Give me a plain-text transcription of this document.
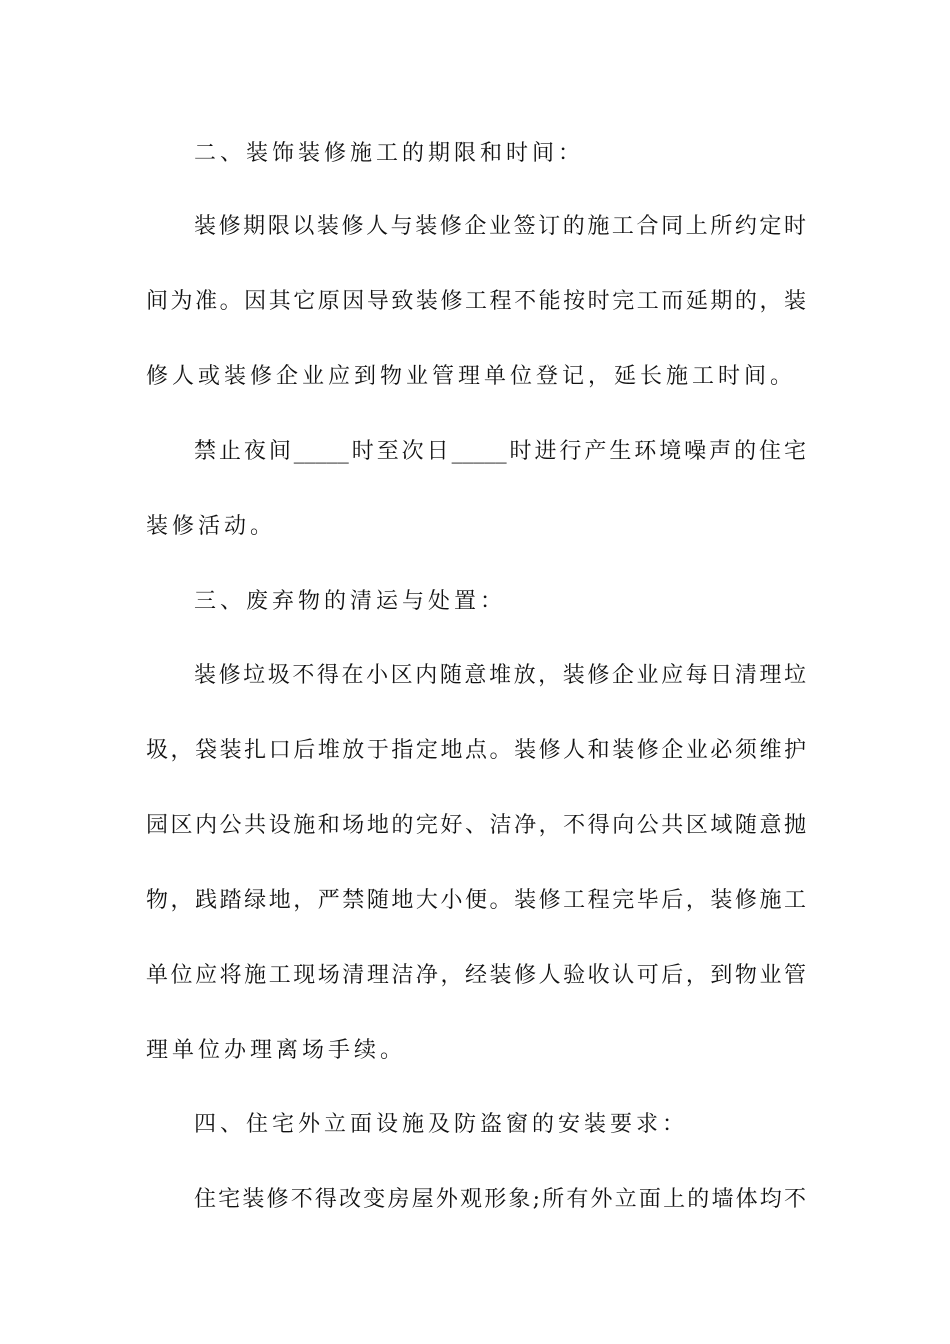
二、装饰装修施工的期限和时间：
装修期限以装修人与装修企业签订的施工合同上所约定时
间为准。因其它原因导致装修工程不能按时完工而延期的，装
修人或装修企业应到物业管理单位登记，延长施工时间。
禁止夜间_____时至次日_____时进行产生环境噪声的住宅
装修活动。
三、废弃物的清运与处置：
装修垃圾不得在小区内随意堆放，装修企业应每日清理垃
圾，袋装扎口后堆放于指定地点。装修人和装修企业必须维护
园区内公共设施和场地的完好、洁净，不得向公共区域随意抛
物，践踏绿地，严禁随地大小便。装修工程完毕后，装修施工
单位应将施工现场清理洁净，经装修人验收认可后，到物业管
理单位办理离场手续。
四、住宅外立面设施及防盗窗的安装要求：
住宅装修不得改变房屋外观形象;所有外立面上的墙体均不
